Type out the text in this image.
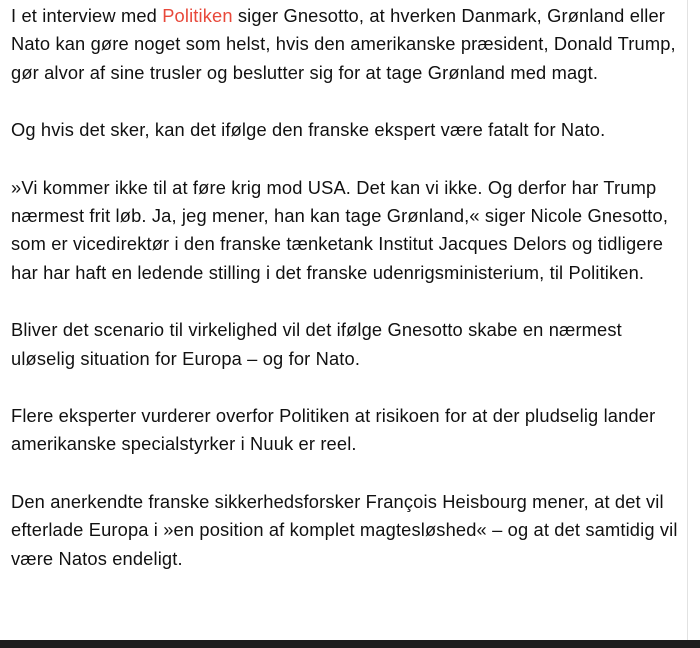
I et interview med Politiken siger Gnesotto, at hverken Danmark, Grønland eller Nato kan gøre noget som helst, hvis den amerikanske præsident, Donald Trump, gør alvor af sine trusler og beslutter sig for at tage Grønland med magt.

Og hvis det sker, kan det ifølge den franske ekspert være fatalt for Nato.

»Vi kommer ikke til at føre krig mod USA. Det kan vi ikke. Og derfor har Trump nærmest frit løb. Ja, jeg mener, han kan tage Grønland,« siger Nicole Gnesotto, som er vicedirektør i den franske tænketank Institut Jacques Delors og tidligere har har haft en ledende stilling i det franske udenrigsministerium, til Politiken.

Bliver det scenario til virkelighed vil det ifølge Gnesotto skabe en nærmest uløselig situation for Europa – og for Nato.

Flere eksperter vurderer overfor Politiken at risikoen for at der pludselig lander amerikanske specialstyrker i Nuuk er reel.

Den anerkendte franske sikkerhedsforsker François Heisbourg mener, at det vil efterlade Europa i »en position af komplet magtesløshed« – og at det samtidig vil være Natos endeligt.
